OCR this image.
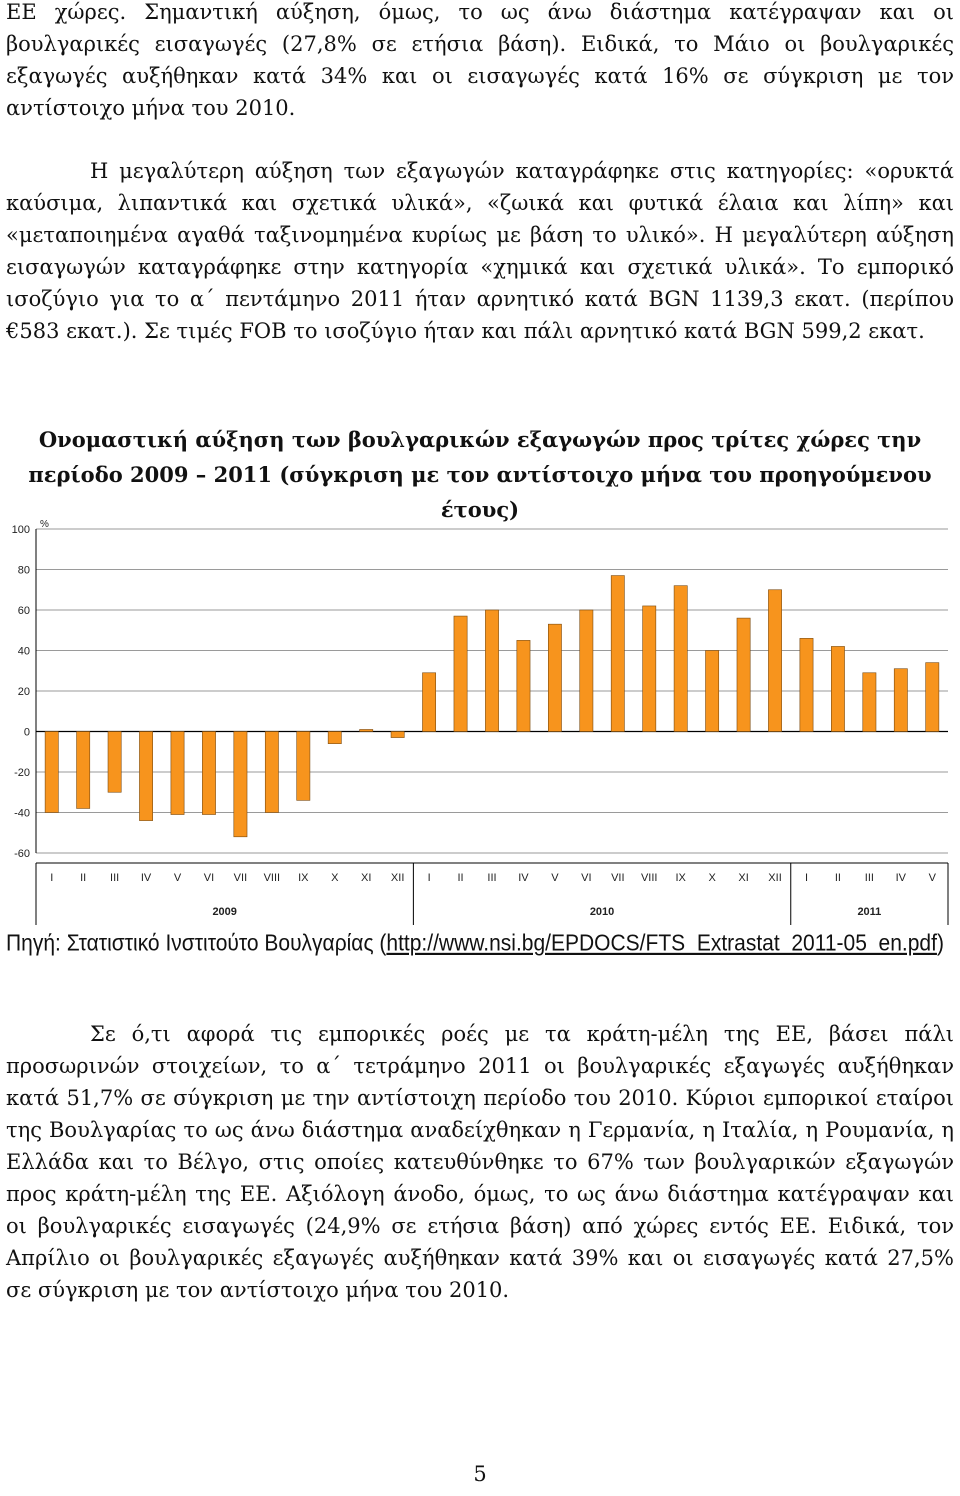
ΕΕ χώρες. Σημαντική αύξηση, όμως, το ως άνω διάστημα κατέγραψαν και οι βουλγαρικές εισαγωγές (27,8% σε ετήσια βάση). Ειδικά, το Μάιο οι βουλγαρικές εξαγωγές αυξήθηκαν κατά 34% και οι εισαγωγές κατά 16% σε σύγκριση με τον αντίστοιχο μήνα του 2010.

Η μεγαλύτερη αύξηση των εξαγωγών καταγράφηκε στις κατηγορίες: «ορυκτά καύσιμα, λιπαντικά και σχετικά υλικά», «ζωικά και φυτικά έλαια και λίπη» και «μεταποιημένα αγαθά ταξινομημένα κυρίως με βάση το υλικό». Η μεγαλύτερη αύξηση εισαγωγών καταγράφηκε στην κατηγορία «χημικά και σχετικά υλικά». Το εμπορικό ισοζύγιο για το α΄ πεντάμηνο 2011 ήταν αρνητικό κατά BGN 1139,3 εκατ. (περίπου €583 εκατ.). Σε τιμές FOB το ισοζύγιο ήταν και πάλι αρνητικό κατά BGN 599,2 εκατ.

Ονομαστική αύξηση των βουλγαρικών εξαγωγών προς τρίτες χώρες την περίοδο 2009 – 2011 (σύγκριση με τον αντίστοιχο μήνα του προηγούμενου έτους)

100
80
60
40
20
0
-20
-40
-60
%
I II III IV V VI VII VIII IX X XI XII I II III IV V VI VII VIII IX X XI XII I II III IV V
2009	2010	2011

Πηγή: Στατιστικό Ινστιτούτο Βουλγαρίας (http://www.nsi.bg/EPDOCS/FTS_Extrastat_2011-05_en.pdf)

Σε ό,τι αφορά τις εμπορικές ροές με τα κράτη-μέλη της ΕΕ, βάσει πάλι προσωρινών στοιχείων, το α΄ τετράμηνο 2011 οι βουλγαρικές εξαγωγές αυξήθηκαν κατά 51,7% σε σύγκριση με την αντίστοιχη περίοδο του 2010. Κύριοι εμπορικοί εταίροι της Βουλγαρίας το ως άνω διάστημα αναδείχθηκαν η Γερμανία, η Ιταλία, η Ρουμανία, η Ελλάδα και το Βέλγο, στις οποίες κατευθύνθηκε το 67% των βουλγαρικών εξαγωγών προς κράτη-μέλη της ΕΕ. Αξιόλογη άνοδο, όμως, το ως άνω διάστημα κατέγραψαν και οι βουλγαρικές εισαγωγές (24,9% σε ετήσια βάση) από χώρες εντός ΕΕ. Ειδικά, τον Απρίλιο οι βουλγαρικές εξαγωγές αυξήθηκαν κατά 39% και οι εισαγωγές κατά 27,5% σε σύγκριση με τον αντίστοιχο μήνα του 2010.

5
